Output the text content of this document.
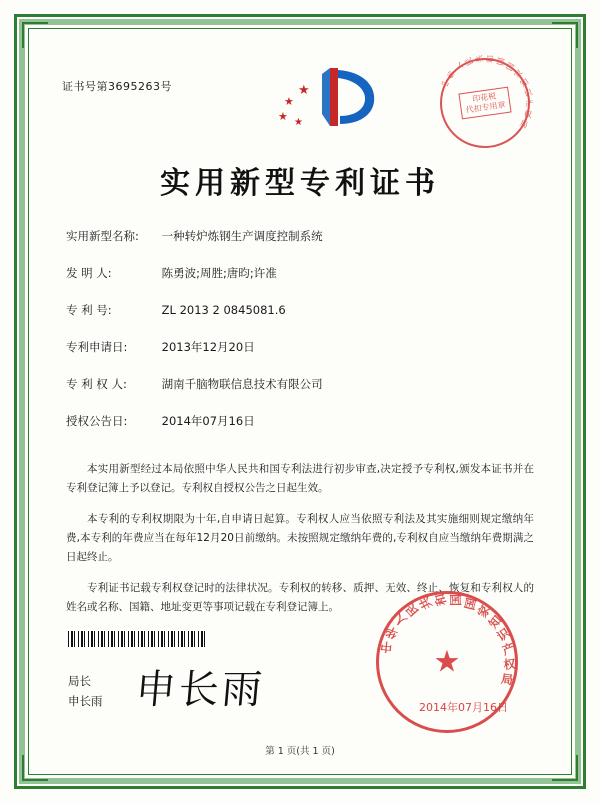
证书号第3695263号	★
★
★ ★
中
华
人
民 共 和 国
国
家
知
识
产
权
局
印花税
代扣专用章
实用新型专利证书
实用新型名称: 一种转炉炼钢生产调度控制系统
发 明 人:	陈勇波;周胜;唐昀;许准
专 利 号:	ZL 2013 2 0845081.6
专利申请日:	2013年12月20日
专 利 权 人:	湖南千脑物联信息技术有限公司
授权公告日:	2014年07月16日

本实用新型经过本局依照中华人民共和国专利法进行初步审查,决定授予专利权,颁发本证书并在专利登记簿上予以登记。专利权自授权公告之日起生效。

本专利的专利权期限为十年,自申请日起算。专利权人应当依照专利法及其实施细则规定缴纳年费,本专利的年费应当在每年12月20日前缴纳。未按照规定缴纳年费的,专利权自应当缴纳年费期满之日起终止。

专利证书记载专利权登记时的法律状况。专利权的转移、质押、无效、终止、恢复和专利权人的姓名或名称、国籍、地址变更等事项记载在专利登记簿上。

局长
申长雨 申长雨
中
华
人
民
共
和 国 国
家
知
识
产
权
局
★
2014年07月16日
第 1 页(共 1 页)
